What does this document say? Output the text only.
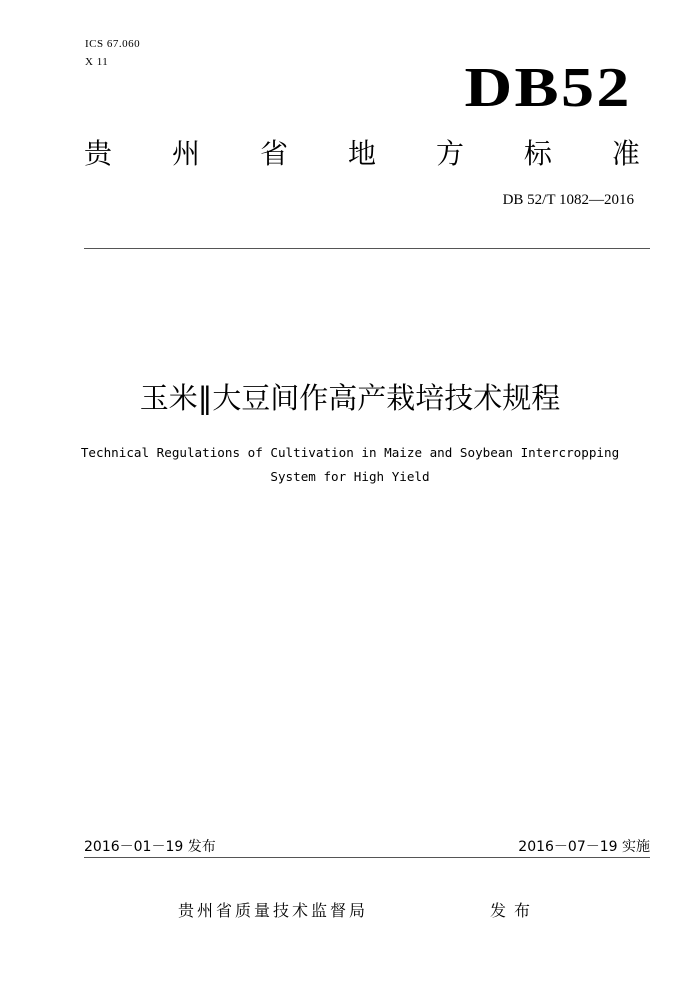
ICS 67.060
X 11	DB52
贵 州 省 地 方 标 准
DB 52/T 1082—2016
玉米‖大豆间作高产栽培技术规程
Technical Regulations of Cultivation in Maize and Soybean Intercropping
System for High Yield
2016－01－19 发布	2016－07－19 实施
贵州省质量技术监督局	发布
